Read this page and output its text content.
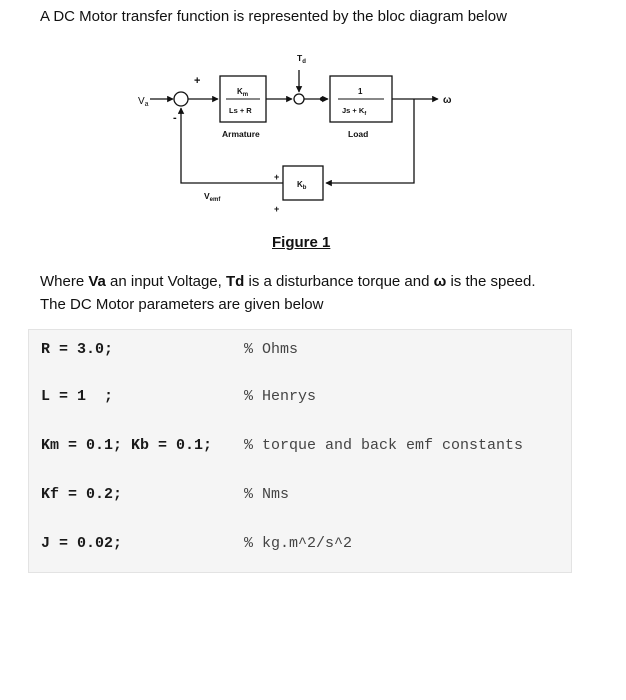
A DC Motor transfer function is represented by the bloc diagram below
$V_a$
+
-
$K_m$
Ls + R
Armature
$T_d$
1
$Js + K_f$
Load
ω
$K_b$
+
+
$V_{emf}$
Figure 1
Where Va an input Voltage, Td is a disturbance torque and ω is the speed.
The DC Motor parameters are given below
R = 3.0;	% Ohms
L = 1  ;	% Henrys
Km = 0.1; Kb = 0.1; % torque and back emf constants
Kf = 0.2;	% Nms
J = 0.02;	% kg.m^2/s^2
